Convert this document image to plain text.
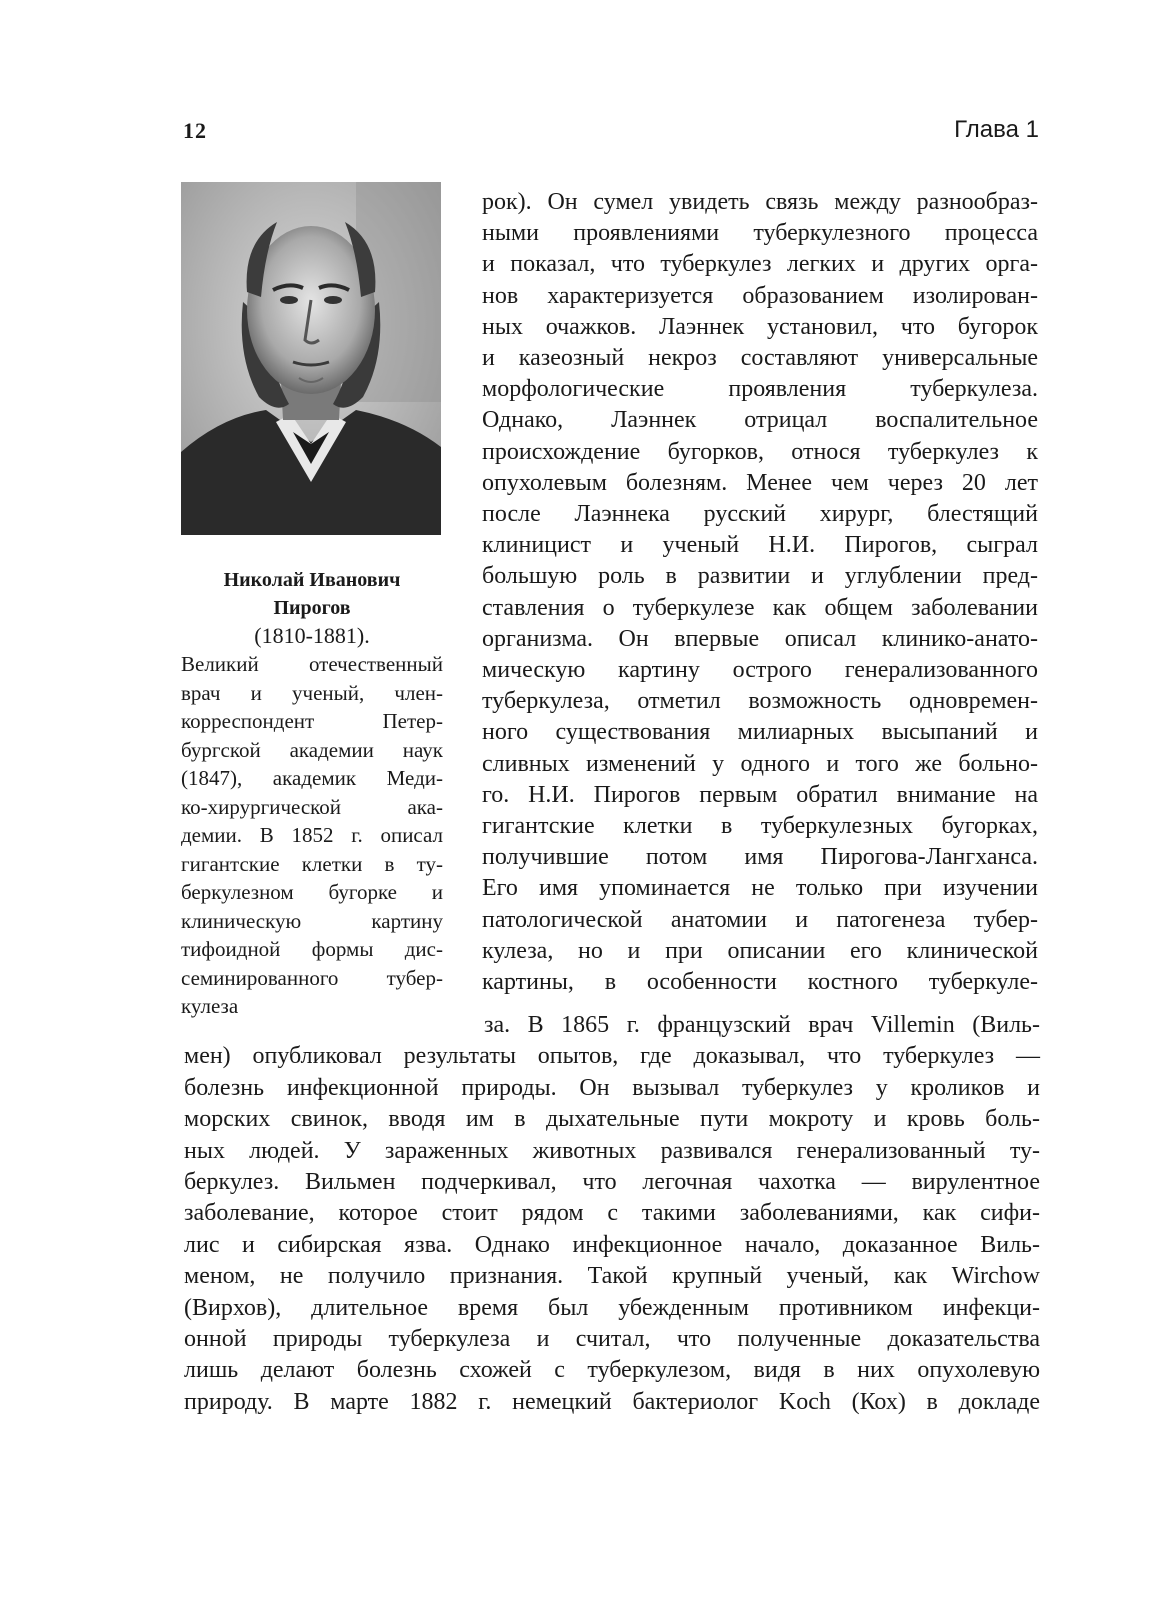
12	Глава 1
Николай Иванович
Пирогов
(1810-1881).
Великий отечественный
врач и ученый, член-
корреспондент Петер-
бургской академии наук
(1847), академик Меди-
ко-хирургической ака-
демии. В 1852 г. описал
гигантские клетки в ту-
беркулезном бугорке и
клиническую картину
тифоидной формы дис-
семинированного тубер-
кулеза
рок). Он сумел увидеть связь между разнообраз-
ными проявлениями туберкулезного процесса
и показал, что туберкулез легких и других орга-
нов характеризуется образованием изолирован-
ных очажков. Лаэннек установил, что бугорок
и казеозный некроз составляют универсальные
морфологические проявления туберкулеза.
Однако, Лаэннек отрицал воспалительное
происхождение бугорков, относя туберкулез к
опухолевым болезням. Менее чем через 20 лет
после Лаэннека русский хирург, блестящий
клиницист и ученый Н.И. Пирогов, сыграл
большую роль в развитии и углублении пред-
ставления о туберкулезе как общем заболевании
организма. Он впервые описал клинико-анато-
мическую картину острого генерализованного
туберкулеза, отметил возможность одновремен-
ного существования милиарных высыпаний и
сливных изменений у одного и того же больно-
го. Н.И. Пирогов первым обратил внимание на
гигантские клетки в туберкулезных бугорках,
получившие потом имя Пирогова-Лангханса.
Его имя упоминается не только при изучении
патологической анатомии и патогенеза тубер-
кулеза, но и при описании его клинической
картины, в особенности костного туберкуле-
за. В 1865 г. французский врач Villemin (Виль-
мен) опубликовал результаты опытов, где доказывал, что туберкулез —
болезнь инфекционной природы. Он вызывал туберкулез у кроликов и
морских свинок, вводя им в дыхательные пути мокроту и кровь боль-
ных людей. У зараженных животных развивался генерализованный ту-
беркулез. Вильмен подчеркивал, что легочная чахотка — вирулентное
заболевание, которое стоит рядом с такими заболеваниями, как сифи-
лис и сибирская язва. Однако инфекционное начало, доказанное Виль-
меном, не получило признания. Такой крупный ученый, как Wirchow
(Вирхов), длительное время был убежденным противником инфекци-
онной природы туберкулеза и считал, что полученные доказательства
лишь делают болезнь схожей с туберкулезом, видя в них опухолевую
природу. В марте 1882 г. немецкий бактериолог Koch (Кох) в докладе
